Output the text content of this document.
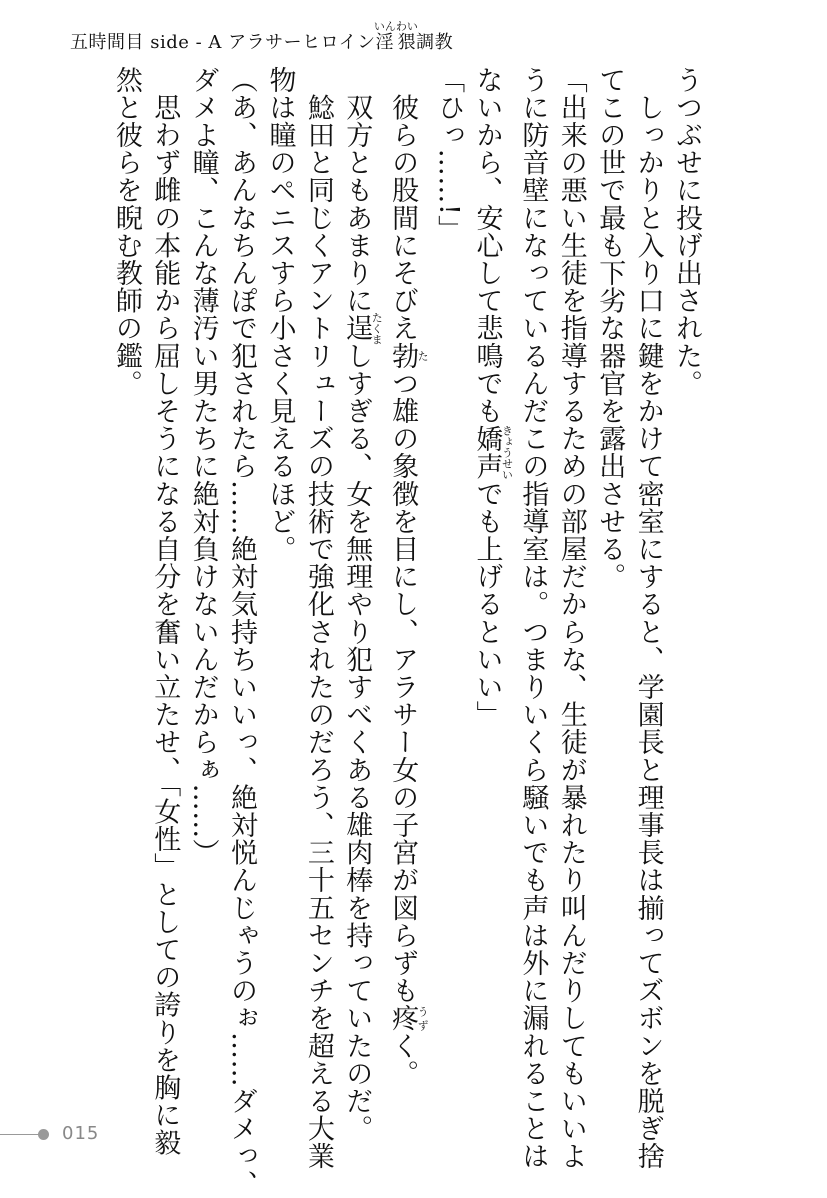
五時間目 side - A アラサーヒロイン淫猥いんわい調教
うつぶせに投げ出された。
　しっかりと入り口に鍵をかけて密室にすると、学園長と理事長は揃ってズボンを脱ぎ捨
てこの世で最も下劣な器官を露出させる。
「出来の悪い生徒を指導するための部屋だからな、生徒が暴れたり叫んだりしてもいいよ
うに防音壁になっているんだこの指導室は。つまりいくら騒いでも声は外に漏れることは
ないから、安心して悲鳴でも嬌声きょうせいでも上げるといい」
「ひっ……!」
　彼らの股間にそびえ勃たつ雄の象徴を目にし、アラサー女の子宮が図らずも疼うずく。
　双方ともあまりに逞たくましすぎる、女を無理やり犯すべくある雄肉棒を持っていたのだ。
　鯰田と同じくアントリューズの技術で強化されたのだろう、三十五センチを超える大業
物は瞳のペニスすら小さく見えるほど。
（あ、あんなちんぽで犯されたら……絶対気持ちいいっ、絶対悦んじゃうのぉ……ダメっ、
ダメよ瞳、こんな薄汚い男たちに絶対負けないんだからぁ……）
　思わず雌の本能から屈しそうになる自分を奮い立たせ、「女性」としての誇りを胸に毅
然と彼らを睨む教師の鑑。
015
